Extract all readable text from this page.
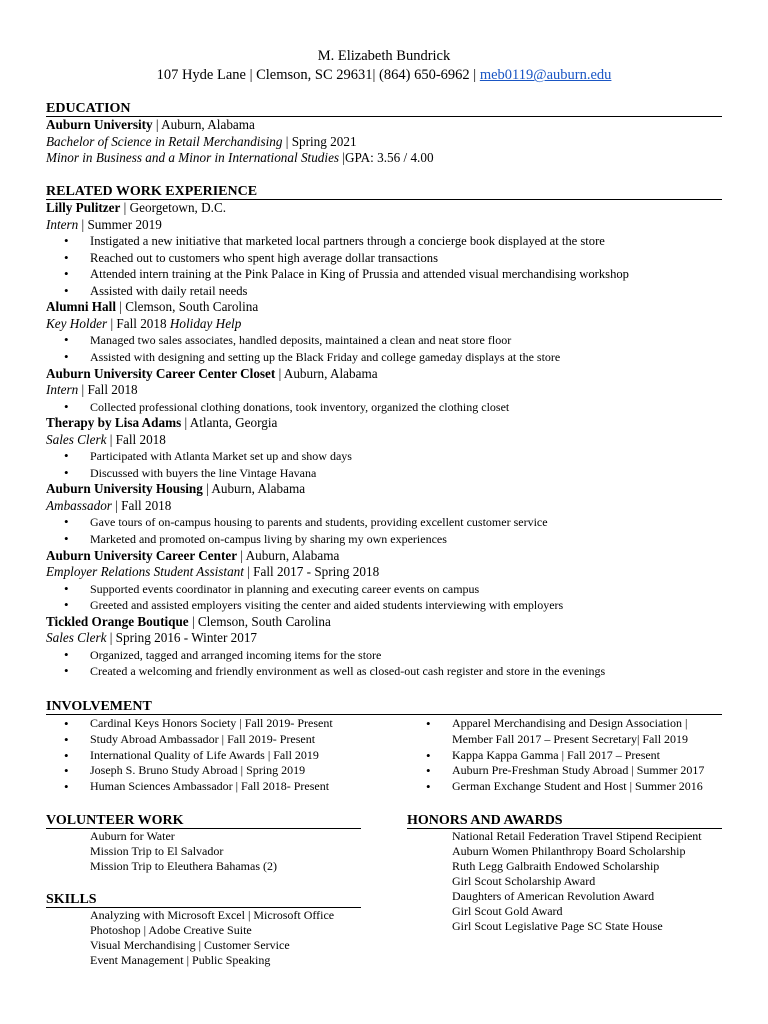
M. Elizabeth Bundrick
107 Hyde Lane | Clemson, SC 29631| (864) 650-6962 | meb0119@auburn.edu
EDUCATION
Auburn University | Auburn, Alabama
Bachelor of Science in Retail Merchandising | Spring 2021
Minor in Business and a Minor in International Studies |GPA: 3.56 / 4.00
RELATED WORK EXPERIENCE
Lilly Pulitzer | Georgetown, D.C.
Intern | Summer 2019
• Instigated a new initiative that marketed local partners through a concierge book displayed at the store
• Reached out to customers who spent high average dollar transactions
• Attended intern training at the Pink Palace in King of Prussia and attended visual merchandising workshop
• Assisted with daily retail needs
Alumni Hall | Clemson, South Carolina
Key Holder | Fall 2018 Holiday Help
• Managed two sales associates, handled deposits, maintained a clean and neat store floor
• Assisted with designing and setting up the Black Friday and college gameday displays at the store
Auburn University Career Center Closet | Auburn, Alabama
Intern | Fall 2018
• Collected professional clothing donations, took inventory, organized the clothing closet
Therapy by Lisa Adams | Atlanta, Georgia
Sales Clerk | Fall 2018
• Participated with Atlanta Market set up and show days
• Discussed with buyers the line Vintage Havana
Auburn University Housing | Auburn, Alabama
Ambassador | Fall 2018
• Gave tours of on-campus housing to parents and students, providing excellent customer service
• Marketed and promoted on-campus living by sharing my own experiences
Auburn University Career Center | Auburn, Alabama
Employer Relations Student Assistant | Fall 2017 - Spring 2018
• Supported events coordinator in planning and executing career events on campus
• Greeted and assisted employers visiting the center and aided students interviewing with employers
Tickled Orange Boutique | Clemson, South Carolina
Sales Clerk | Spring 2016 - Winter 2017
• Organized, tagged and arranged incoming items for the store
• Created a welcoming and friendly environment as well as closed-out cash register and store in the evenings
INVOLVEMENT
• Cardinal Keys Honors Society | Fall 2019- Present
• Study Abroad Ambassador | Fall 2019- Present
• International Quality of Life Awards | Fall 2019
• Joseph S. Bruno Study Abroad | Spring 2019
• Human Sciences Ambassador | Fall 2018- Present
• Apparel Merchandising and Design Association |
Member Fall 2017 – Present Secretary| Fall 2019
• Kappa Kappa Gamma | Fall 2017 – Present
• Auburn Pre-Freshman Study Abroad | Summer 2017
• German Exchange Student and Host | Summer 2016
VOLUNTEER WORK
Auburn for Water
Mission Trip to El Salvador
Mission Trip to Eleuthera Bahamas (2)
HONORS AND AWARDS
National Retail Federation Travel Stipend Recipient
Auburn Women Philanthropy Board Scholarship
Ruth Legg Galbraith Endowed Scholarship
Girl Scout Scholarship Award
Daughters of American Revolution Award
Girl Scout Gold Award
Girl Scout Legislative Page SC State House
SKILLS
Analyzing with Microsoft Excel | Microsoft Office
Photoshop | Adobe Creative Suite
Visual Merchandising | Customer Service
Event Management | Public Speaking
